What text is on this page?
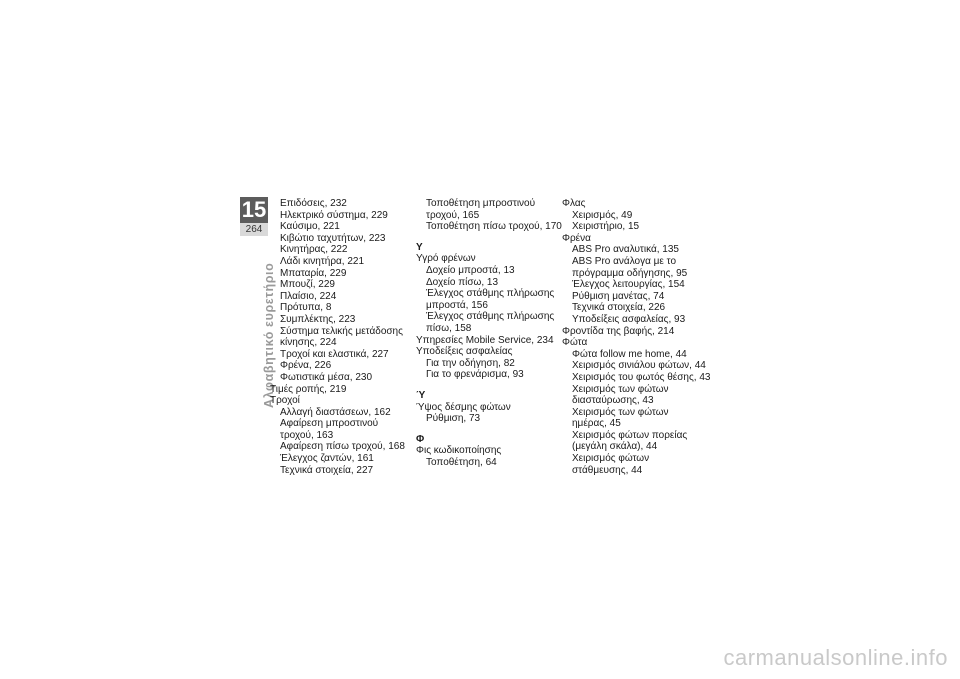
15
264
Αλφαβητικό ευρετήριο
Επιδόσεις, 232
Ηλεκτρικό σύστημα, 229
Καύσιμο, 221
Κιβώτιο ταχυτήτων, 223
Κινητήρας, 222
Λάδι κινητήρα, 221
Μπαταρία, 229
Μπουζί, 229
Πλαίσιο, 224
Πρότυπα, 8
Συμπλέκτης, 223
Σύστημα τελικής μετάδοσης
κίνησης, 224
Τροχοί και ελαστικά, 227
Φρένα, 226
Φωτιστικά μέσα, 230
Τιμές ροπής, 219
Τροχοί
Αλλαγή διαστάσεων, 162
Αφαίρεση μπροστινού
τροχού, 163
Αφαίρεση πίσω τροχού, 168
Έλεγχος ζαντών, 161
Τεχνικά στοιχεία, 227
Τοποθέτηση μπροστινού
τροχού, 165
Τοποθέτηση πίσω τροχού, 170
Υ
Υγρό φρένων
Δοχείο μπροστά, 13
Δοχείο πίσω, 13
Έλεγχος στάθμης πλήρωσης
μπροστά, 156
Έλεγχος στάθμης πλήρωσης
πίσω, 158
Υπηρεσίες Mobile Service, 234
Υποδείξεις ασφαλείας
Για την οδήγηση, 82
Για το φρενάρισμα, 93
Ύ
Ύψος δέσμης φώτων
Ρύθμιση, 73
Φ
Φις κωδικοποίησης
Τοποθέτηση, 64
Φλας
Χειρισμός, 49
Χειριστήριο, 15
Φρένα
ABS Pro αναλυτικά, 135
ABS Pro ανάλογα με το
πρόγραμμα οδήγησης, 95
Έλεγχος λειτουργίας, 154
Ρύθμιση μανέτας, 74
Τεχνικά στοιχεία, 226
Υποδείξεις ασφαλείας, 93
Φροντίδα της βαφής, 214
Φώτα
Φώτα follow me home, 44
Χειρισμός σινιάλου φώτων, 44
Χειρισμός του φωτός θέσης, 43
Χειρισμός των φώτων
διασταύρωσης, 43
Χειρισμός των φώτων
ημέρας, 45
Χειρισμός φώτων πορείας
(μεγάλη σκάλα), 44
Χειρισμός φώτων
στάθμευσης, 44
carmanualsonline.info
